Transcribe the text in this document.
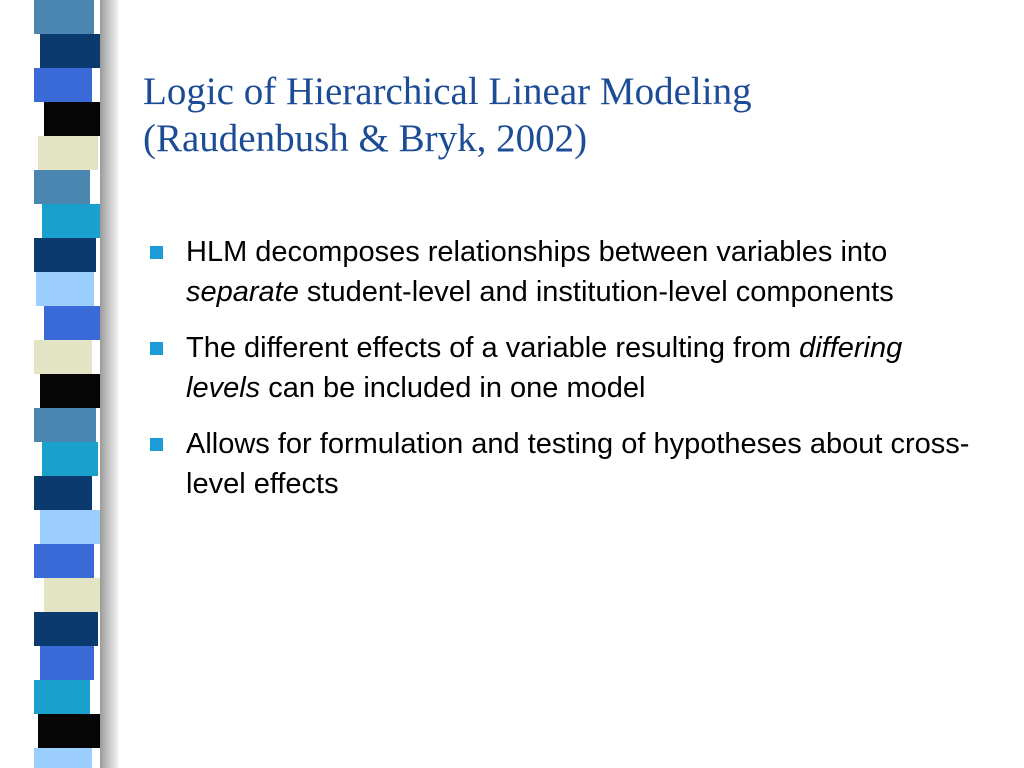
Logic of Hierarchical Linear Modeling
(Raudenbush & Bryk, 2002)
HLM decomposes relationships between variables into separate student-level and institution-level components
The different effects of a variable resulting from differing levels can be included in one model
Allows for formulation and testing of hypotheses about cross-level effects
